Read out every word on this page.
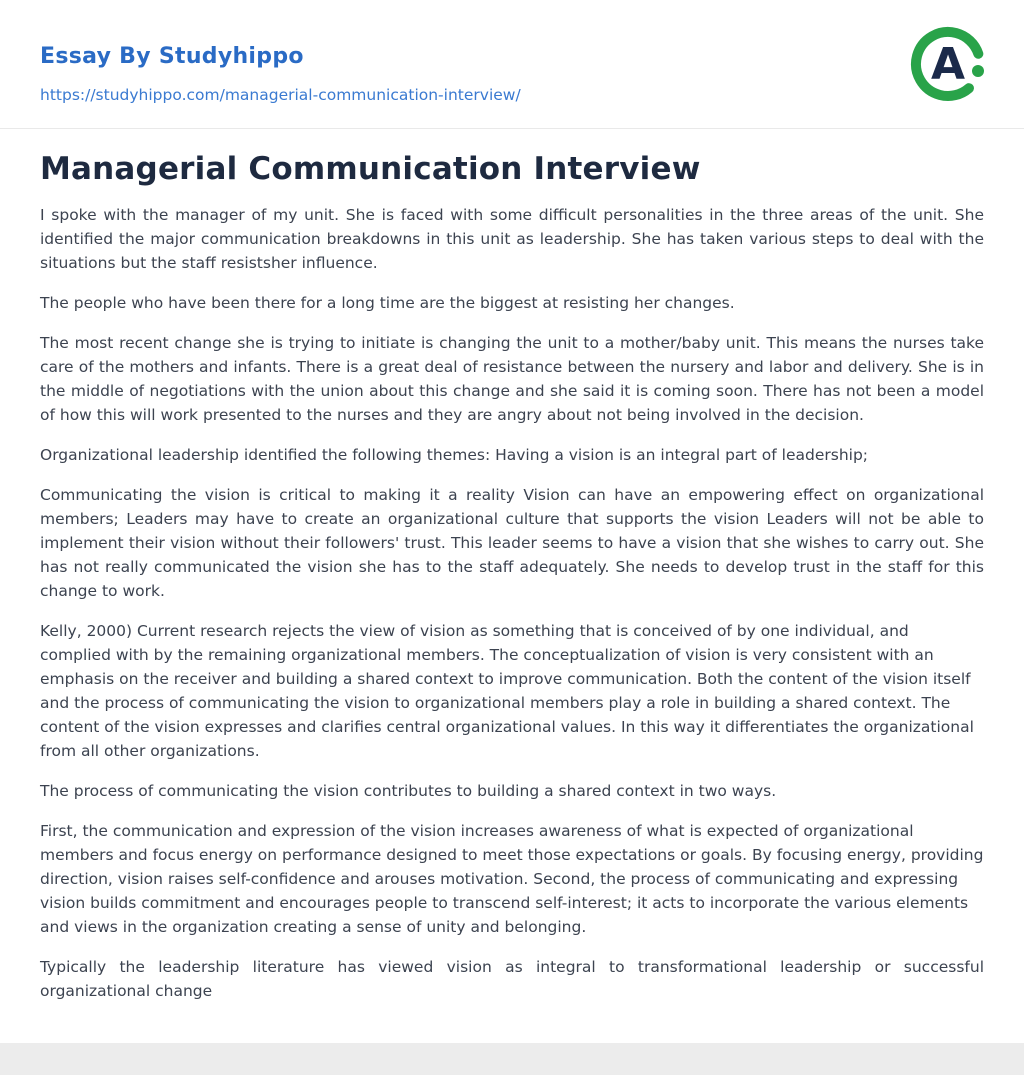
Essay By Studyhippo
https://studyhippo.com/managerial-communication-interview/
A
Managerial Communication Interview

I spoke with the manager of my unit. She is faced with some difficult personalities in the three areas of the unit. She identified the major communication breakdowns in this unit as leadership. She has taken various steps to deal with the situations but the staff resistsher influence.

The people who have been there for a long time are the biggest at resisting her changes.

The most recent change she is trying to initiate is changing the unit to a mother/baby unit. This means the nurses take care of the mothers and infants. There is a great deal of resistance between the nursery and labor and delivery. She is in the middle of negotiations with the union about this change and she said it is coming soon. There has not been a model of how this will work presented to the nurses and they are angry about not being involved in the decision.

Organizational leadership identified the following themes: Having a vision is an integral part of leadership;

Communicating the vision is critical to making it a reality Vision can have an empowering effect on organizational members; Leaders may have to create an organizational culture that supports the vision Leaders will not be able to implement their vision without their followers' trust. This leader seems to have a vision that she wishes to carry out. She has not really communicated the vision she has to the staff adequately. She needs to develop trust in the staff for this change to work.

Kelly, 2000) Current research rejects the view of vision as something that is conceived of by one individual, and complied with by the remaining organizational members. The conceptualization of vision is very consistent with an emphasis on the receiver and building a shared context to improve communication. Both the content of the vision itself and the process of communicating the vision to organizational members play a role in building a shared context. The content of the vision expresses and clarifies central organizational values. In this way it differentiates the organizational from all other organizations.

The process of communicating the vision contributes to building a shared context in two ways.

First, the communication and expression of the vision increases awareness of what is expected of organizational members and focus energy on performance designed to meet those expectations or goals. By focusing energy, providing direction, vision raises self-confidence and arouses motivation. Second, the process of communicating and expressing vision builds commitment and encourages people to transcend self-interest; it acts to incorporate the various elements and views in the organization creating a sense of unity and belonging.

Typically the leadership literature has viewed vision as integral to transformational leadership or successful organizational change
